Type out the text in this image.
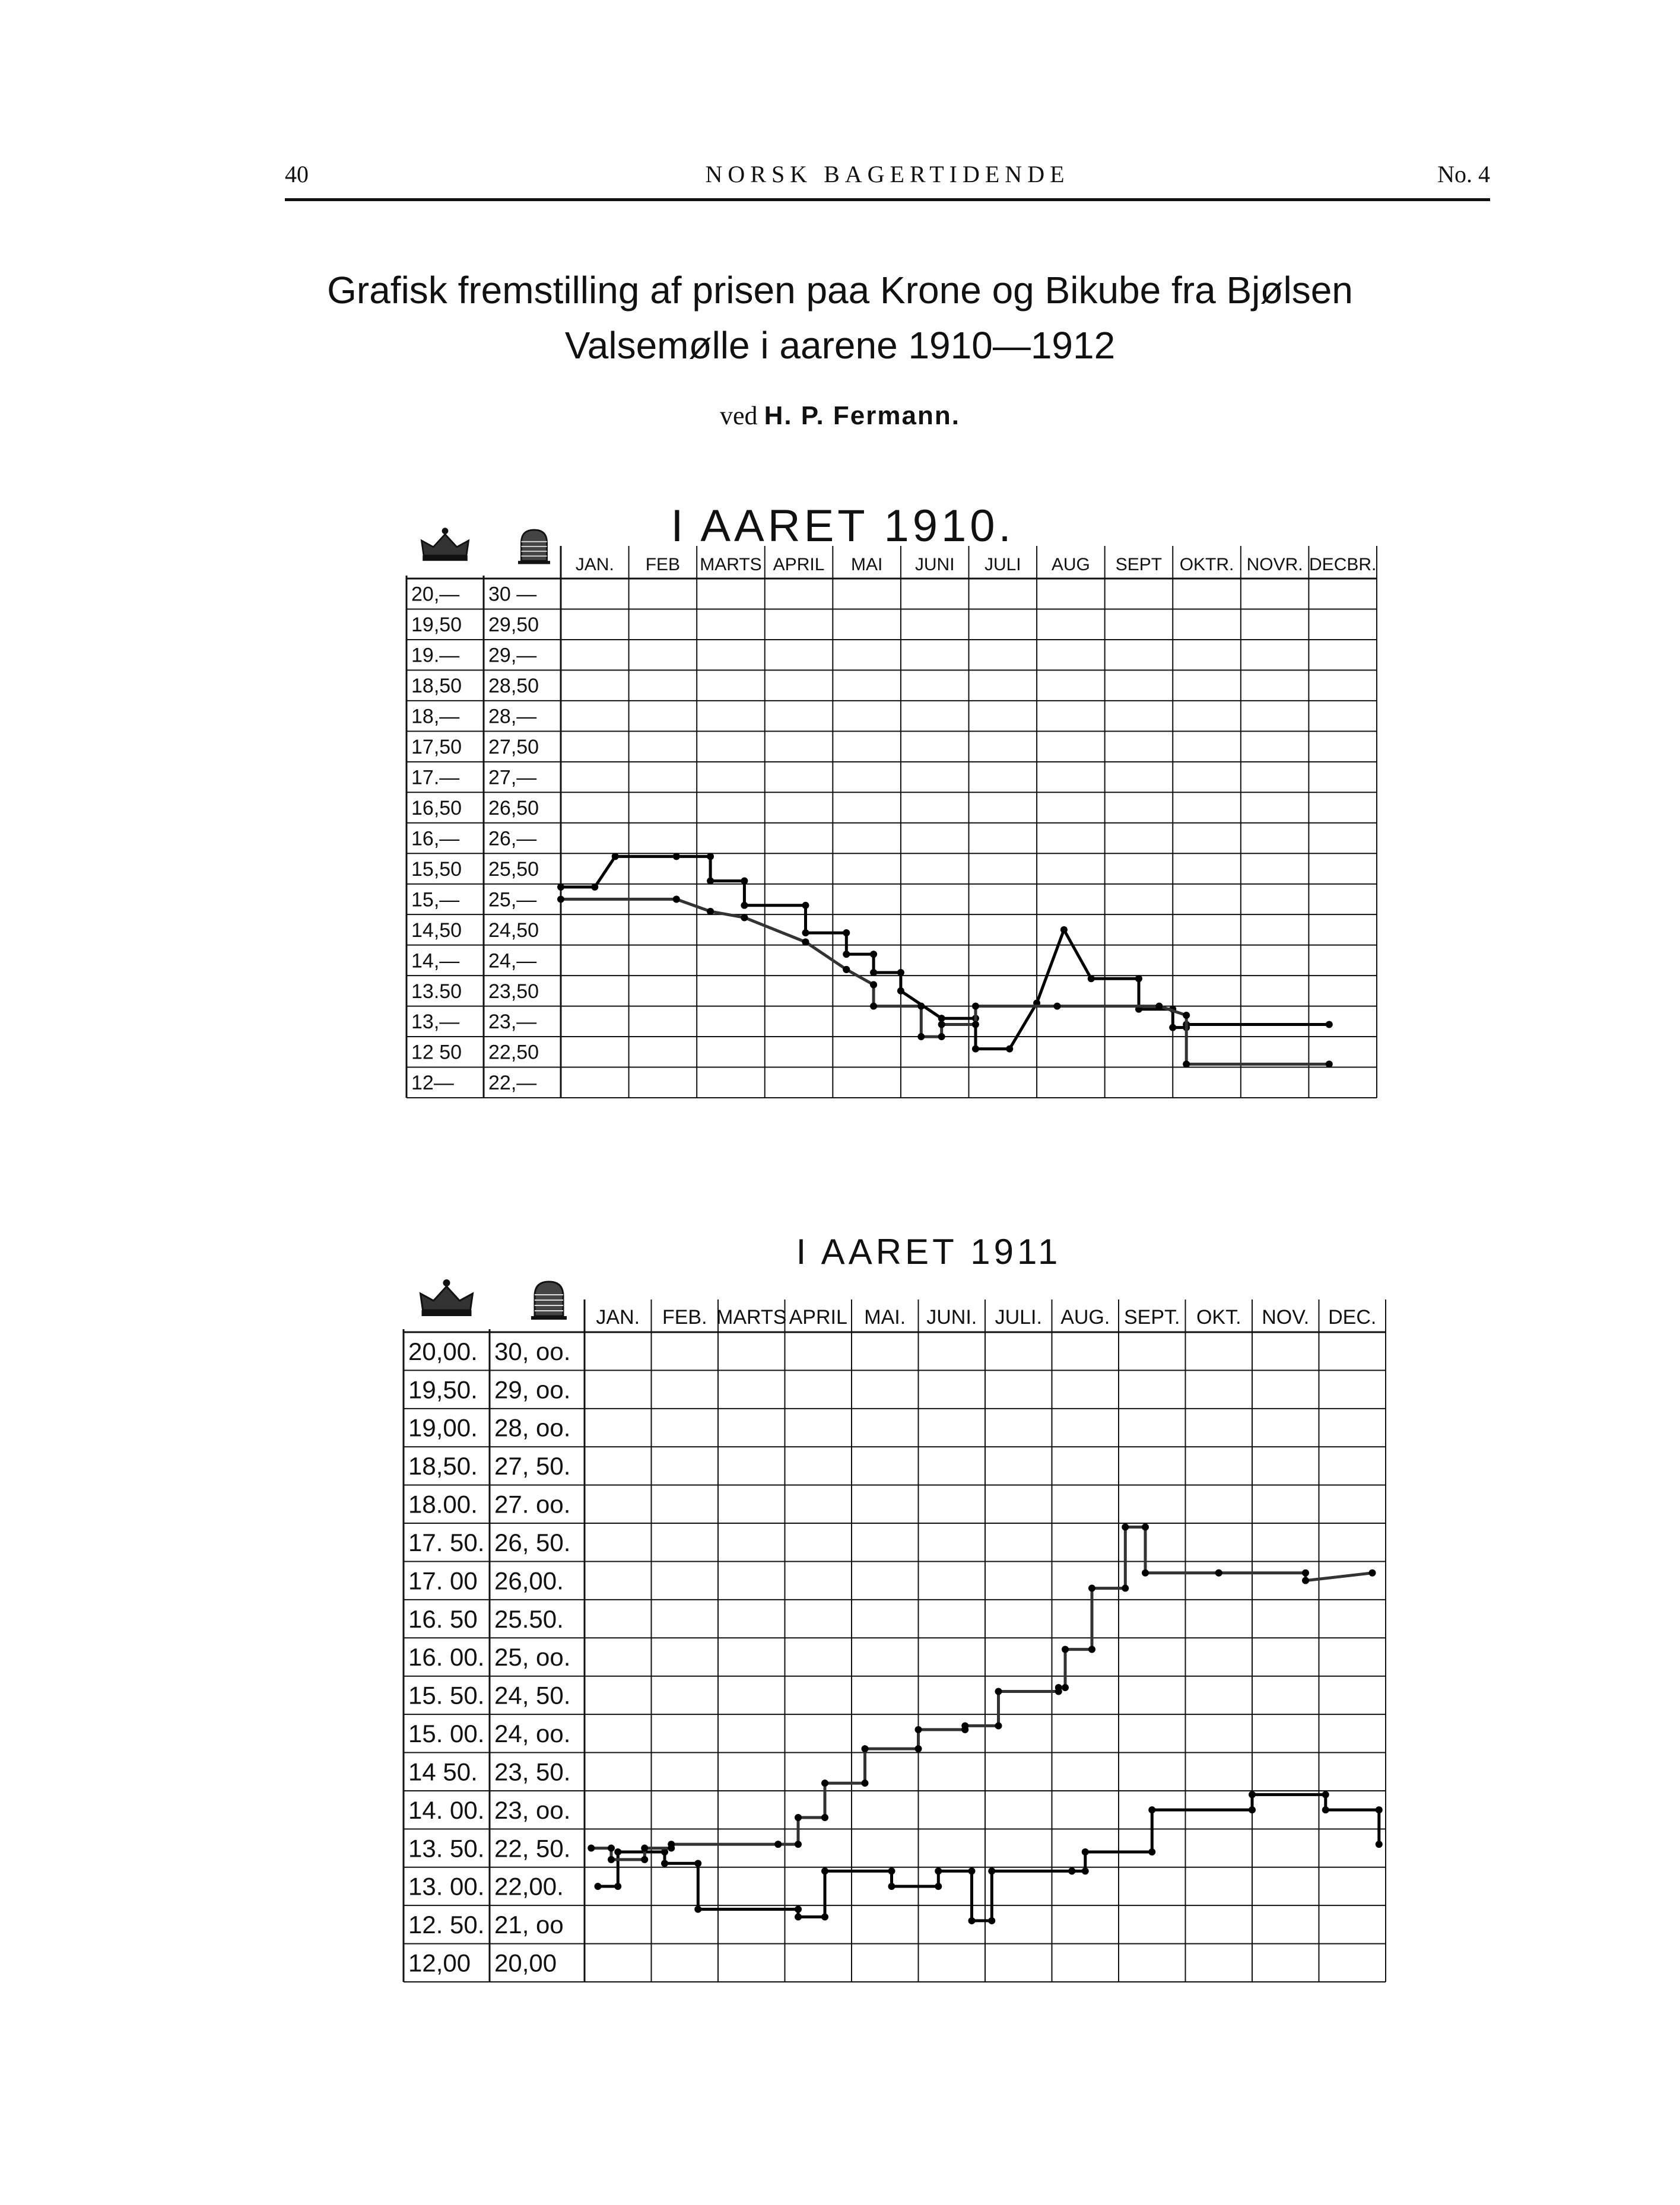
40	NORSK BAGERTIDENDE	No. 4
Grafisk fremstilling af prisen paa Krone og Bikube fra Bjølsen
Valsemølle i aarene 1910—1912
ved H. P. Fermann.
I AARET 1910.
JAN. FEB MARTS APRIL MAI JUNI JULI AUG SEPT OKTR. NOVR. DECBR.
20,— 30 —
19,50 29,50
19.— 29,—
18,50 28,50
18,— 28,—
17,50 27,50
17.— 27,—
16,50 26,50
16,— 26,—
15,50 25,50
15,— 25,—
14,50 24,50
14,— 24,—
13.50 23,50
13,— 23,—
12 50 22,50
12— 22,—
I AARET 1911
JAN. FEB. MARTS APRIL MAI. JUNI. JULI. AUG. SEPT. OKT. NOV. DEC.
20,00. 30, oo.
19,50. 29, oo.
19,00. 28, oo.
18,50. 27, 50.
18.00. 27. oo.
17. 50. 26, 50.
17. 00 26,00.
16. 50 25.50.
16. 00. 25, oo.
15. 50. 24, 50.
15. 00. 24, oo.
14 50. 23, 50.
14. 00. 23, oo.
13. 50. 22, 50.
13. 00. 22,00.
12. 50. 21, oo
12,00 20,00
